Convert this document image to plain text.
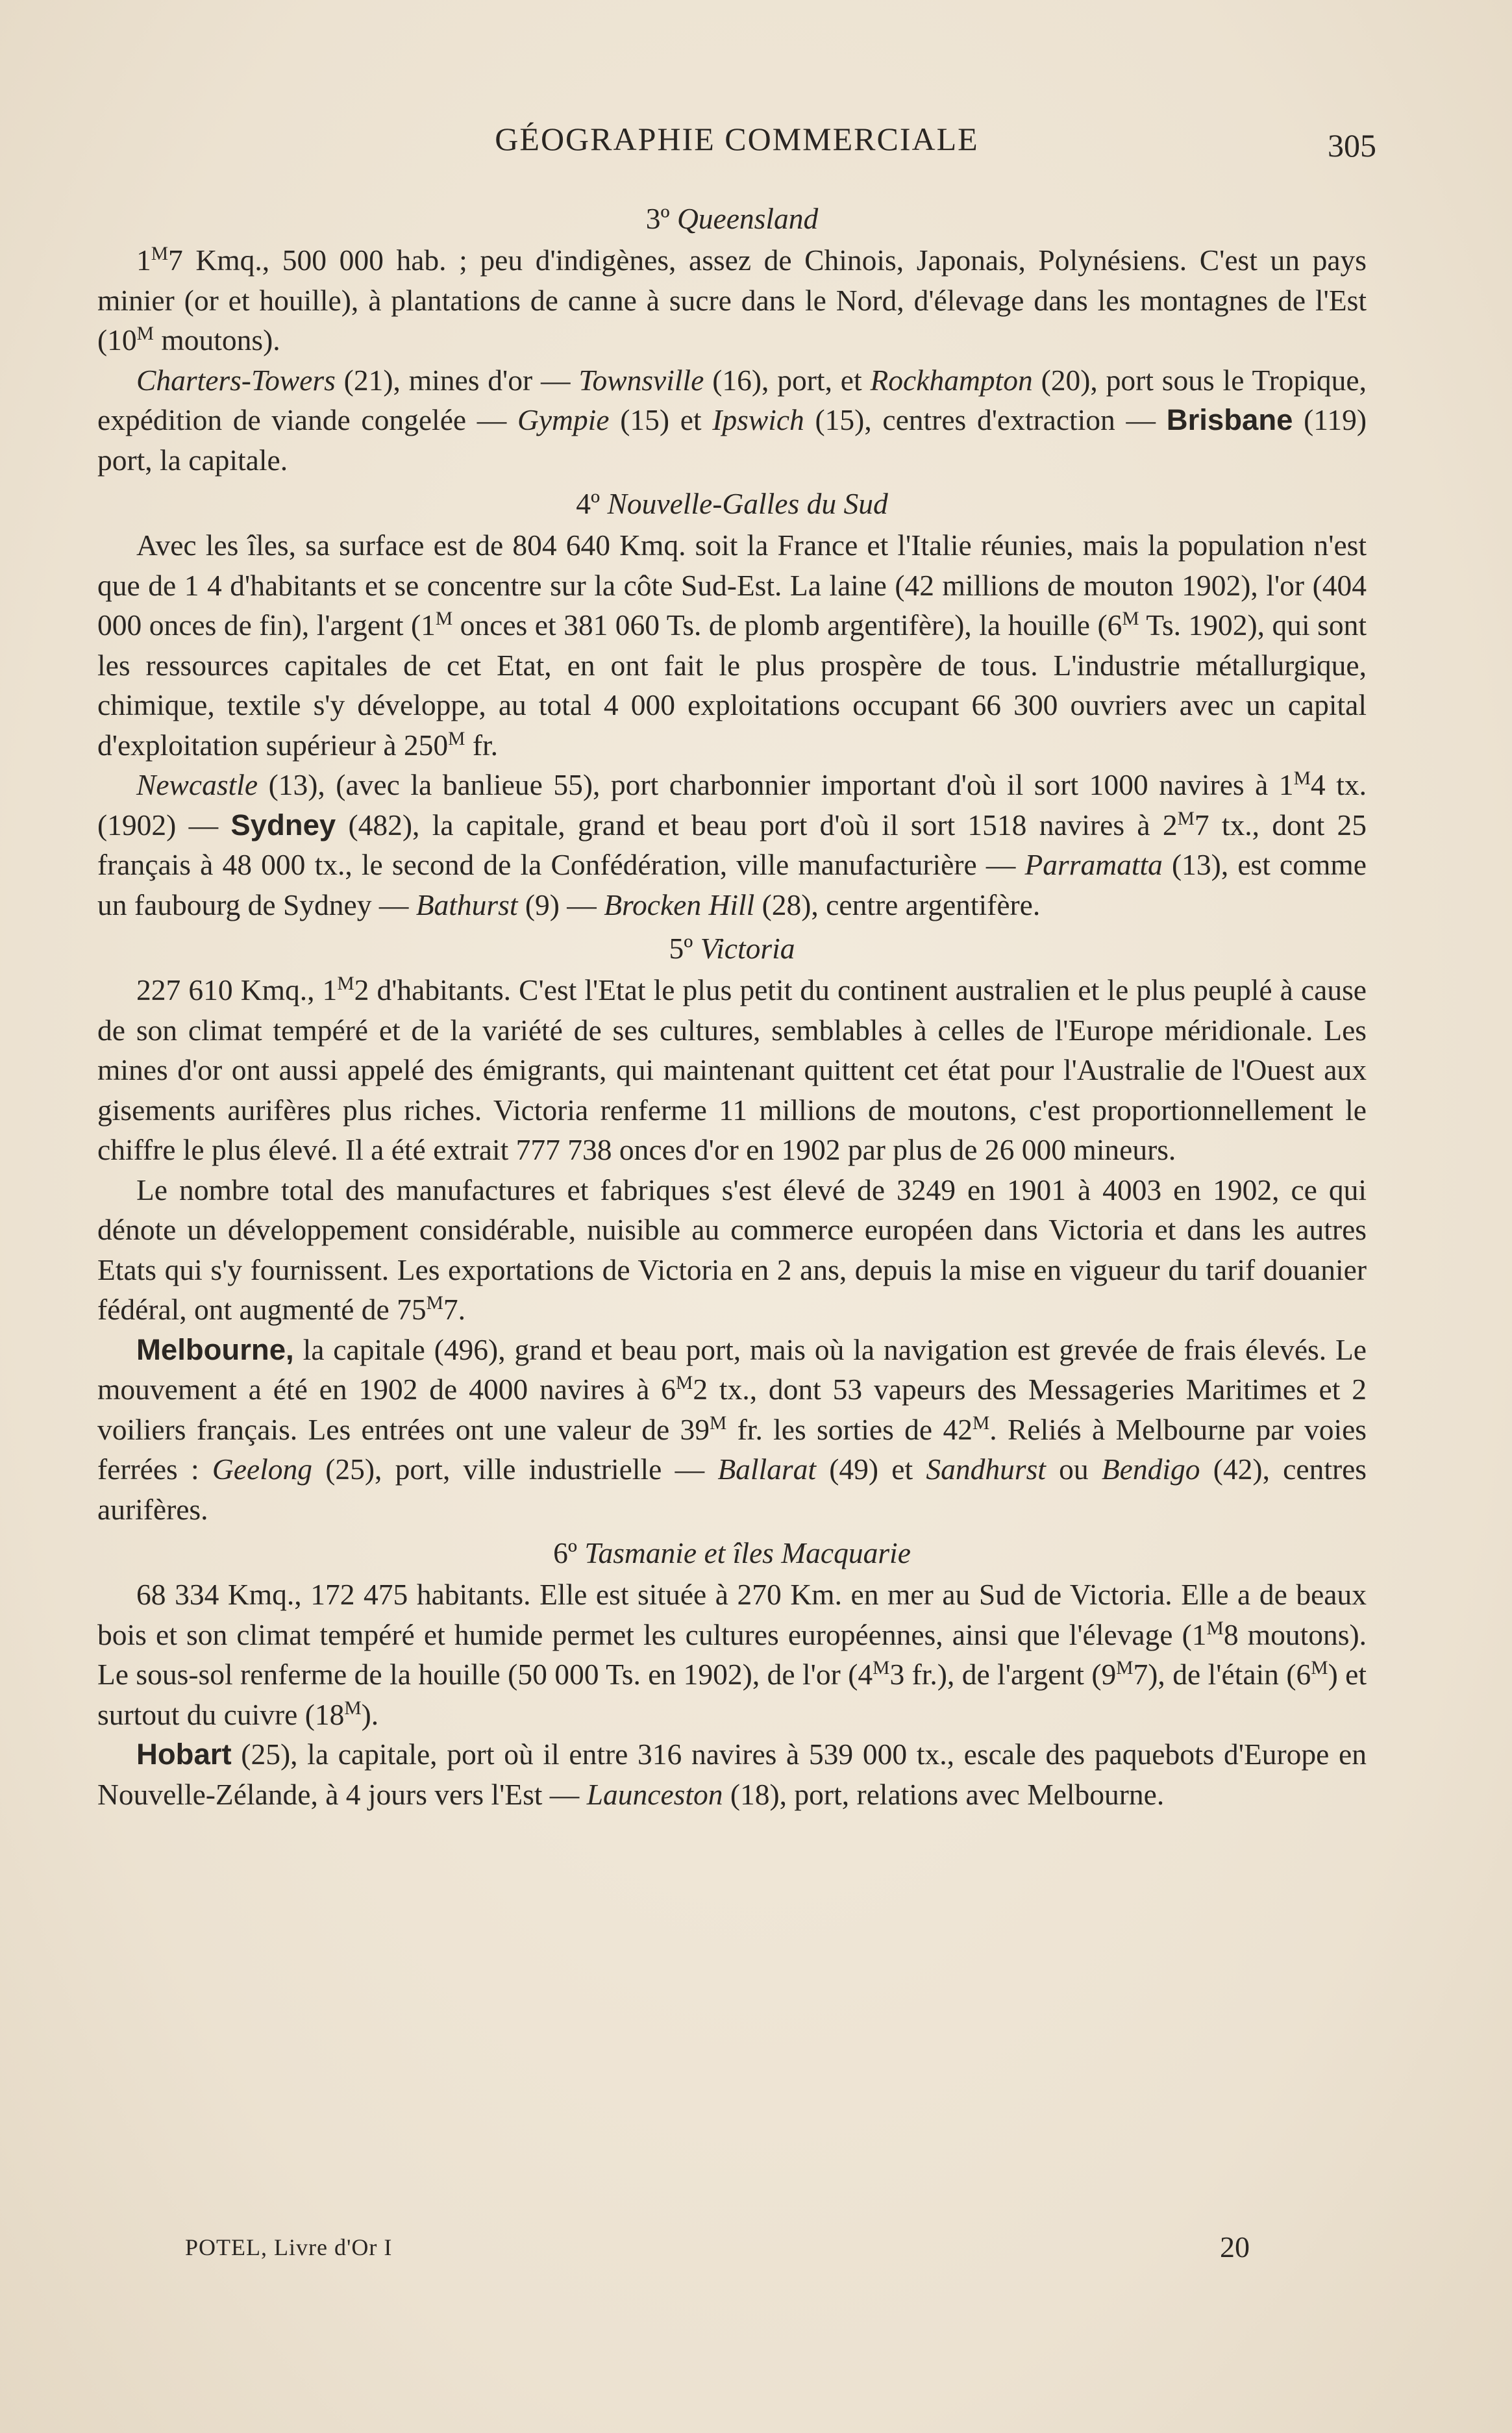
GÉOGRAPHIE COMMERCIALE	305
3º Queensland

$1^M7$ Kmq., 500 000 hab. ; peu d'indigènes, assez de Chinois, Japonais, Polynésiens. C'est un pays minier (or et houille), à plantations de canne à sucre dans le Nord, d'élevage dans les montagnes de l'Est ($10^M$ moutons).

Charters-Towers (21), mines d'or — Townsville (16), port, et Rockhampton (20), port sous le Tropique, expédition de viande congelée — Gympie (15) et Ipswich (15), centres d'extraction — Brisbane (119) port, la capitale.

4º Nouvelle-Galles du Sud

Avec les îles, sa surface est de 804 640 Kmq. soit la France et l'Italie réunies, mais la population n'est que de 1 4 d'habitants et se concentre sur la côte Sud-Est. La laine (42 millions de mouton 1902), l'or (404 000 onces de fin), l'argent ($1^M$ onces et 381 060 Ts. de plomb argentifère), la houille ($6^M$ Ts. 1902), qui sont les ressources capitales de cet Etat, en ont fait le plus prospère de tous. L'industrie métallurgique, chimique, textile s'y développe, au total 4 000 exploitations occupant 66 300 ouvriers avec un capital d'exploitation supérieur à $250^M$ fr.

Newcastle (13), (avec la banlieue 55), port charbonnier important d'où il sort 1000 navires à $1^M4$ tx. (1902) — Sydney (482), la capitale, grand et beau port d'où il sort 1518 navires à $2^M7$ tx., dont 25 français à 48 000 tx., le second de la Confédération, ville manufacturière — Parramatta (13), est comme un faubourg de Sydney — Bathurst (9) — Brocken Hill (28), centre argentifère.

5º Victoria

227 610 Kmq., $1^M2$ d'habitants. C'est l'Etat le plus petit du continent australien et le plus peuplé à cause de son climat tempéré et de la variété de ses cultures, semblables à celles de l'Europe méridionale. Les mines d'or ont aussi appelé des émigrants, qui maintenant quittent cet état pour l'Australie de l'Ouest aux gisements aurifères plus riches. Victoria renferme 11 millions de moutons, c'est proportionnellement le chiffre le plus élevé. Il a été extrait 777 738 onces d'or en 1902 par plus de 26 000 mineurs.

Le nombre total des manufactures et fabriques s'est élevé de 3249 en 1901 à 4003 en 1902, ce qui dénote un développement considérable, nuisible au commerce européen dans Victoria et dans les autres Etats qui s'y fournissent. Les exportations de Victoria en 2 ans, depuis la mise en vigueur du tarif douanier fédéral, ont augmenté de $75^M7$.

Melbourne, la capitale (496), grand et beau port, mais où la navigation est grevée de frais élevés. Le mouvement a été en 1902 de 4000 navires à $6^M2$ tx., dont 53 vapeurs des Messageries Maritimes et 2 voiliers français. Les entrées ont une valeur de $39^M$ fr. les sorties de $42^M$. Reliés à Melbourne par voies ferrées : Geelong (25), port, ville industrielle — Ballarat (49) et Sandhurst ou Bendigo (42), centres aurifères.

6º Tasmanie et îles Macquarie

68 334 Kmq., 172 475 habitants. Elle est située à 270 Km. en mer au Sud de Victoria. Elle a de beaux bois et son climat tempéré et humide permet les cultures européennes, ainsi que l'élevage ($1^M8$ moutons). Le sous-sol renferme de la houille (50 000 Ts. en 1902), de l'or ($4^M3$ fr.), de l'argent $(9^M7)$, de l'étain $(6^M)$ et surtout du cuivre $(18^M)$.

Hobart (25), la capitale, port où il entre 316 navires à 539 000 tx., escale des paquebots d'Europe en Nouvelle-Zélande, à 4 jours vers l'Est — Launceston (18), port, relations avec Melbourne.

POTEL, Livre d'Or I	20
